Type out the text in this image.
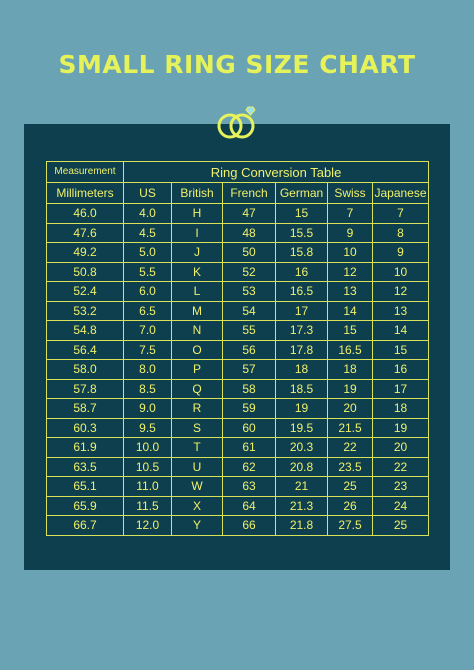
SMALL RING SIZE CHART
Measurement	Ring Conversion Table					
Millimeters	US	British	French	German	Swiss	Japanese
46.0	4.0	H	47	15	7	7
47.6	4.5	I	48	15.5	9	8
49.2	5.0	J	50	15.8	10	9
50.8	5.5	K	52	16	12	10
52.4	6.0	L	53	16.5	13	12
53.2	6.5	M	54	17	14	13
54.8	7.0	N	55	17.3	15	14
56.4	7.5	O	56	17.8	16.5	15
58.0	8.0	P	57	18	18	16
57.8	8.5	Q	58	18.5	19	17
58.7	9.0	R	59	19	20	18
60.3	9.5	S	60	19.5	21.5	19
61.9	10.0	T	61	20.3	22	20
63.5	10.5	U	62	20.8	23.5	22
65.1	11.0	W	63	21	25	23
65.9	11.5	X	64	21.3	26	24
66.7	12.0	Y	66	21.8	27.5	25
